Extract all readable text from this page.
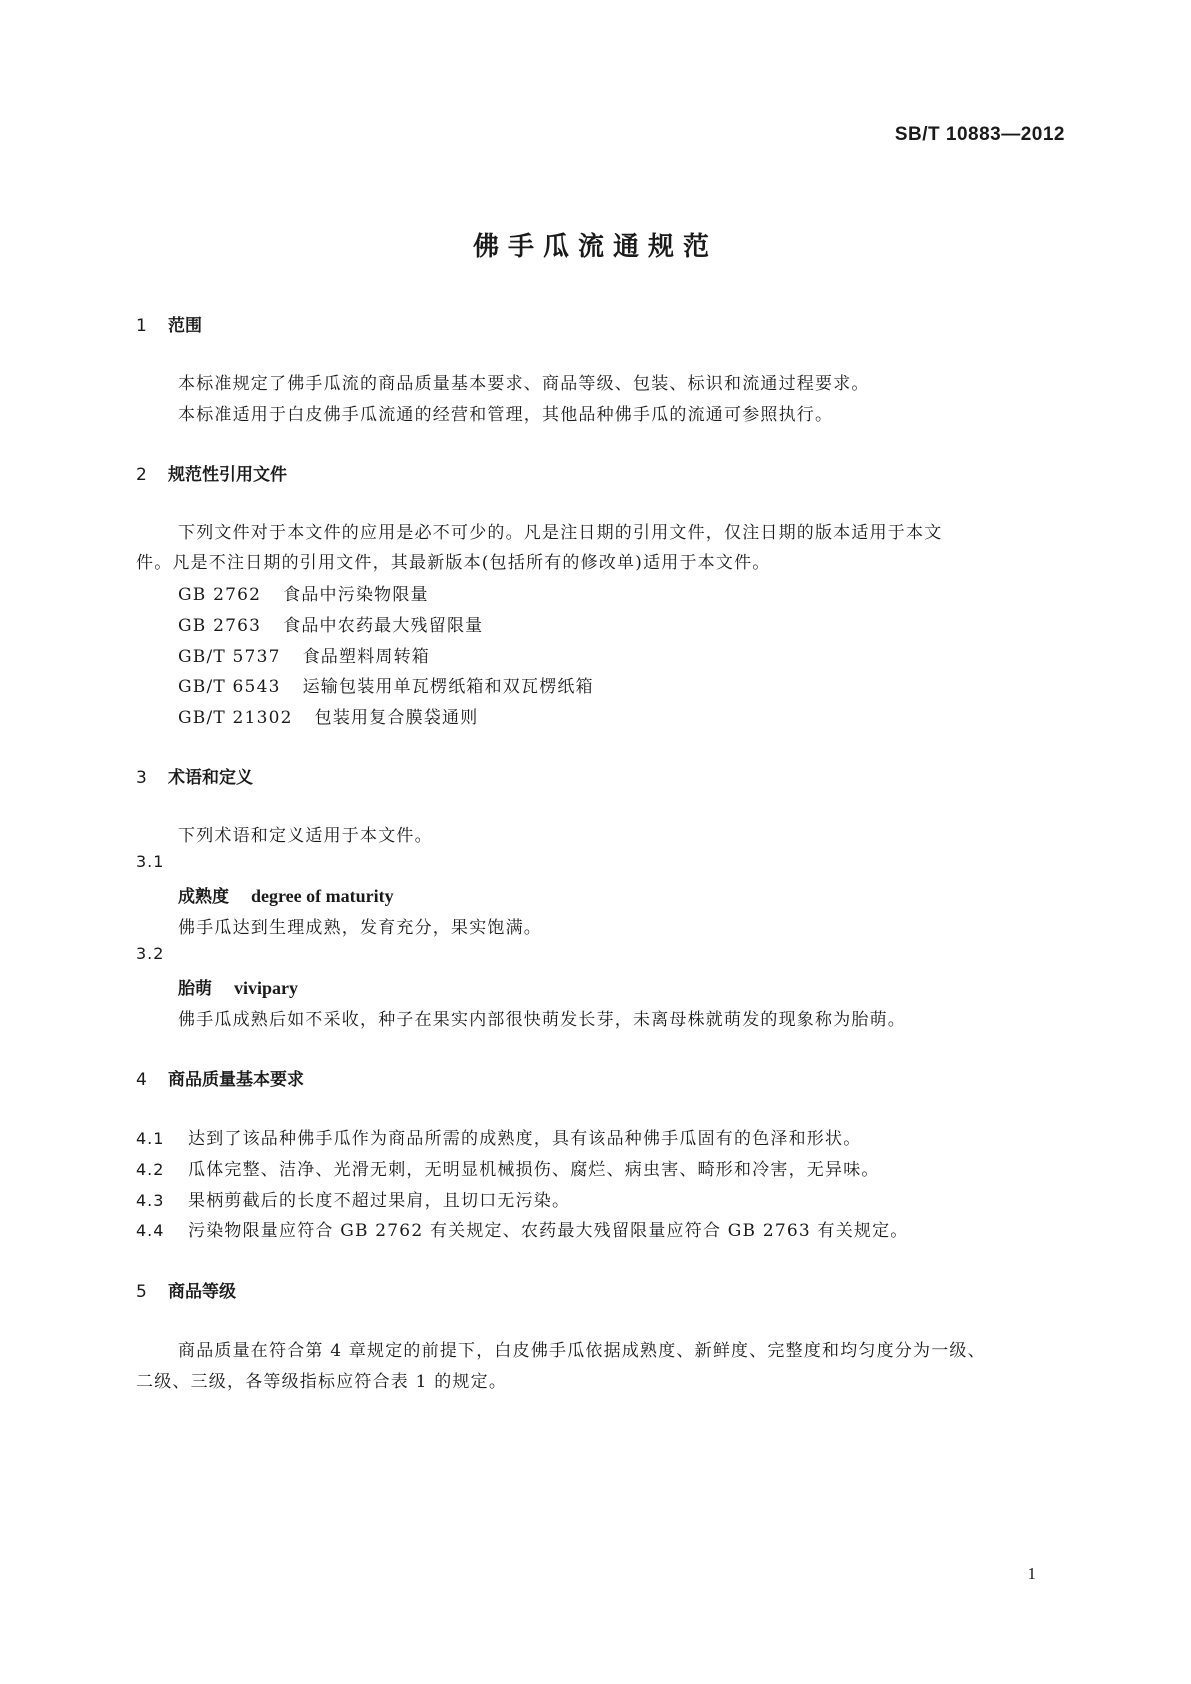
SB/T 10883—2012
佛手瓜流通规范
1 范围
本标准规定了佛手瓜流的商品质量基本要求、商品等级、包装、标识和流通过程要求。
本标准适用于白皮佛手瓜流通的经营和管理，其他品种佛手瓜的流通可参照执行。
2 规范性引用文件
下列文件对于本文件的应用是必不可少的。凡是注日期的引用文件，仅注日期的版本适用于本文
件。凡是不注日期的引用文件，其最新版本(包括所有的修改单)适用于本文件。
GB 2762 食品中污染物限量
GB 2763 食品中农药最大残留限量
GB/T 5737 食品塑料周转箱
GB/T 6543 运输包装用单瓦楞纸箱和双瓦楞纸箱
GB/T 21302 包装用复合膜袋通则
3 术语和定义
下列术语和定义适用于本文件。
3.1
成熟度 degree of maturity
佛手瓜达到生理成熟，发育充分，果实饱满。
3.2
胎萌 vivipary
佛手瓜成熟后如不采收，种子在果实内部很快萌发长芽，未离母株就萌发的现象称为胎萌。
4 商品质量基本要求
4.1 达到了该品种佛手瓜作为商品所需的成熟度，具有该品种佛手瓜固有的色泽和形状。
4.2 瓜体完整、洁净、光滑无刺，无明显机械损伤、腐烂、病虫害、畸形和冷害，无异味。
4.3 果柄剪截后的长度不超过果肩，且切口无污染。
4.4 污染物限量应符合 GB 2762 有关规定、农药最大残留限量应符合 GB 2763 有关规定。
5 商品等级
商品质量在符合第 4 章规定的前提下，白皮佛手瓜依据成熟度、新鲜度、完整度和均匀度分为一级、
二级、三级，各等级指标应符合表 1 的规定。
1
